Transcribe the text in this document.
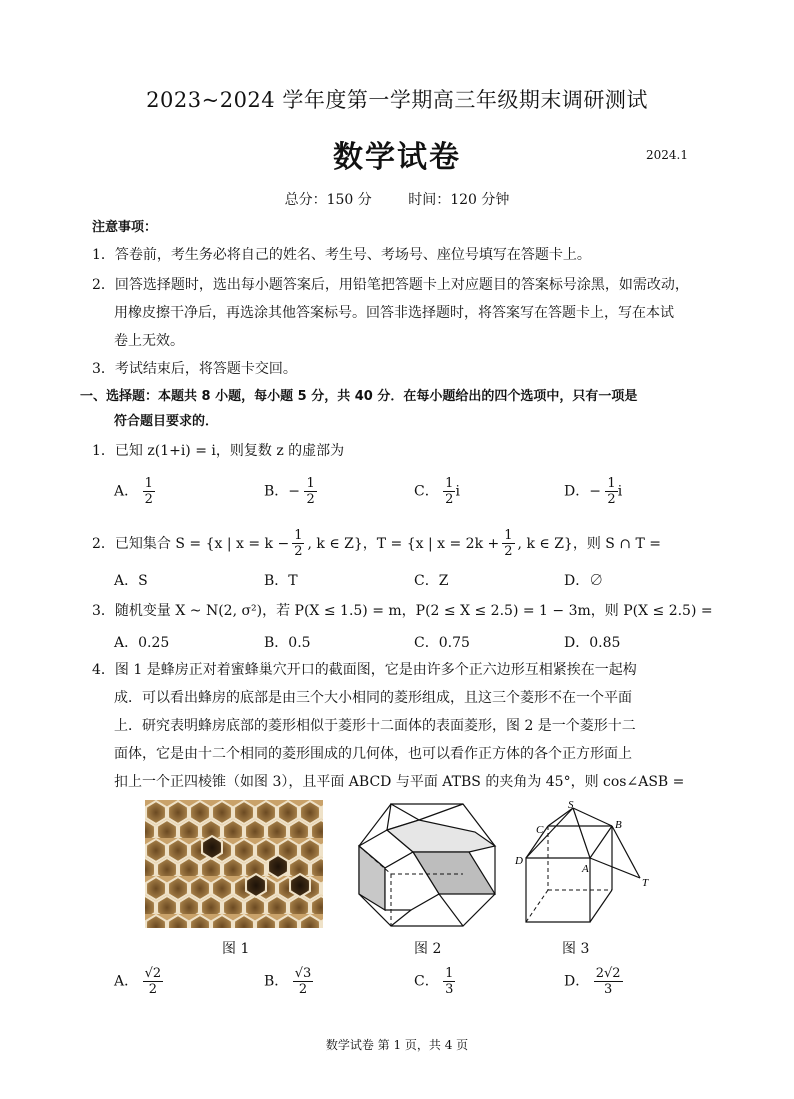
2023~2024 学年度第一学期高三年级期末调研测试
数学试卷	2024.1
总分：150 分	时间：120 分钟
注意事项：
1．答卷前，考生务必将自己的姓名、考生号、考场号、座位号填写在答题卡上。
2．回答选择题时，选出每小题答案后，用铅笔把答题卡上对应题目的答案标号涂黑，如需改动，
用橡皮擦干净后，再选涂其他答案标号。回答非选择题时，将答案写在答题卡上，写在本试
卷上无效。
3．考试结束后，将答题卡交回。
一、选择题：本题共 8 小题，每小题 5 分，共 40 分．在每小题给出的四个选项中，只有一项是
符合题目要求的．
1．已知 z(1+i) = i，则复数 z 的虚部为
A． $\frac{1}{2}$	B．− $\frac{1}{2}$	C． $\frac{1}{2}$ i	D．− $\frac{1}{2}$ i
2．已知集合 S = {x | $x = k - \frac{1}{2}$ , k ∈ Z}，T = {x | $x = 2k + \frac{1}{2}$ , k ∈ Z}，则 S ∩ T =
A．S	B．T	C．Z	D．∅
3．随机变量 X ~ N(2, σ²)，若 P(X ≤ 1.5) = m，P(2 ≤ X ≤ 2.5) = 1 − 3m，则 P(X ≤ 2.5) =
A．0.25	B．0.5	C．0.75	D．0.85
4．图 1 是蜂房正对着蜜蜂巢穴开口的截面图，它是由许多个正六边形互相紧挨在一起构
成．可以看出蜂房的底部是由三个大小相同的菱形组成，且这三个菱形不在一个平面
上．研究表明蜂房底部的菱形相似于菱形十二面体的表面菱形，图 2 是一个菱形十二
面体，它是由十二个相同的菱形围成的几何体，也可以看作正方体的各个正方形面上
扣上一个正四棱锥（如图 3），且平面 ABCD 与平面 ATBS 的夹角为 45°，则 cos∠ASB =
图 1	图 2
S
C	B
D
A
T
图 3
A． $\frac{√2}{2}$	B． $\frac{√3}{2}$	C． $\frac{1}{3}$	D． $\frac{2√2}{3}$
数学试卷 第 1 页，共 4 页
